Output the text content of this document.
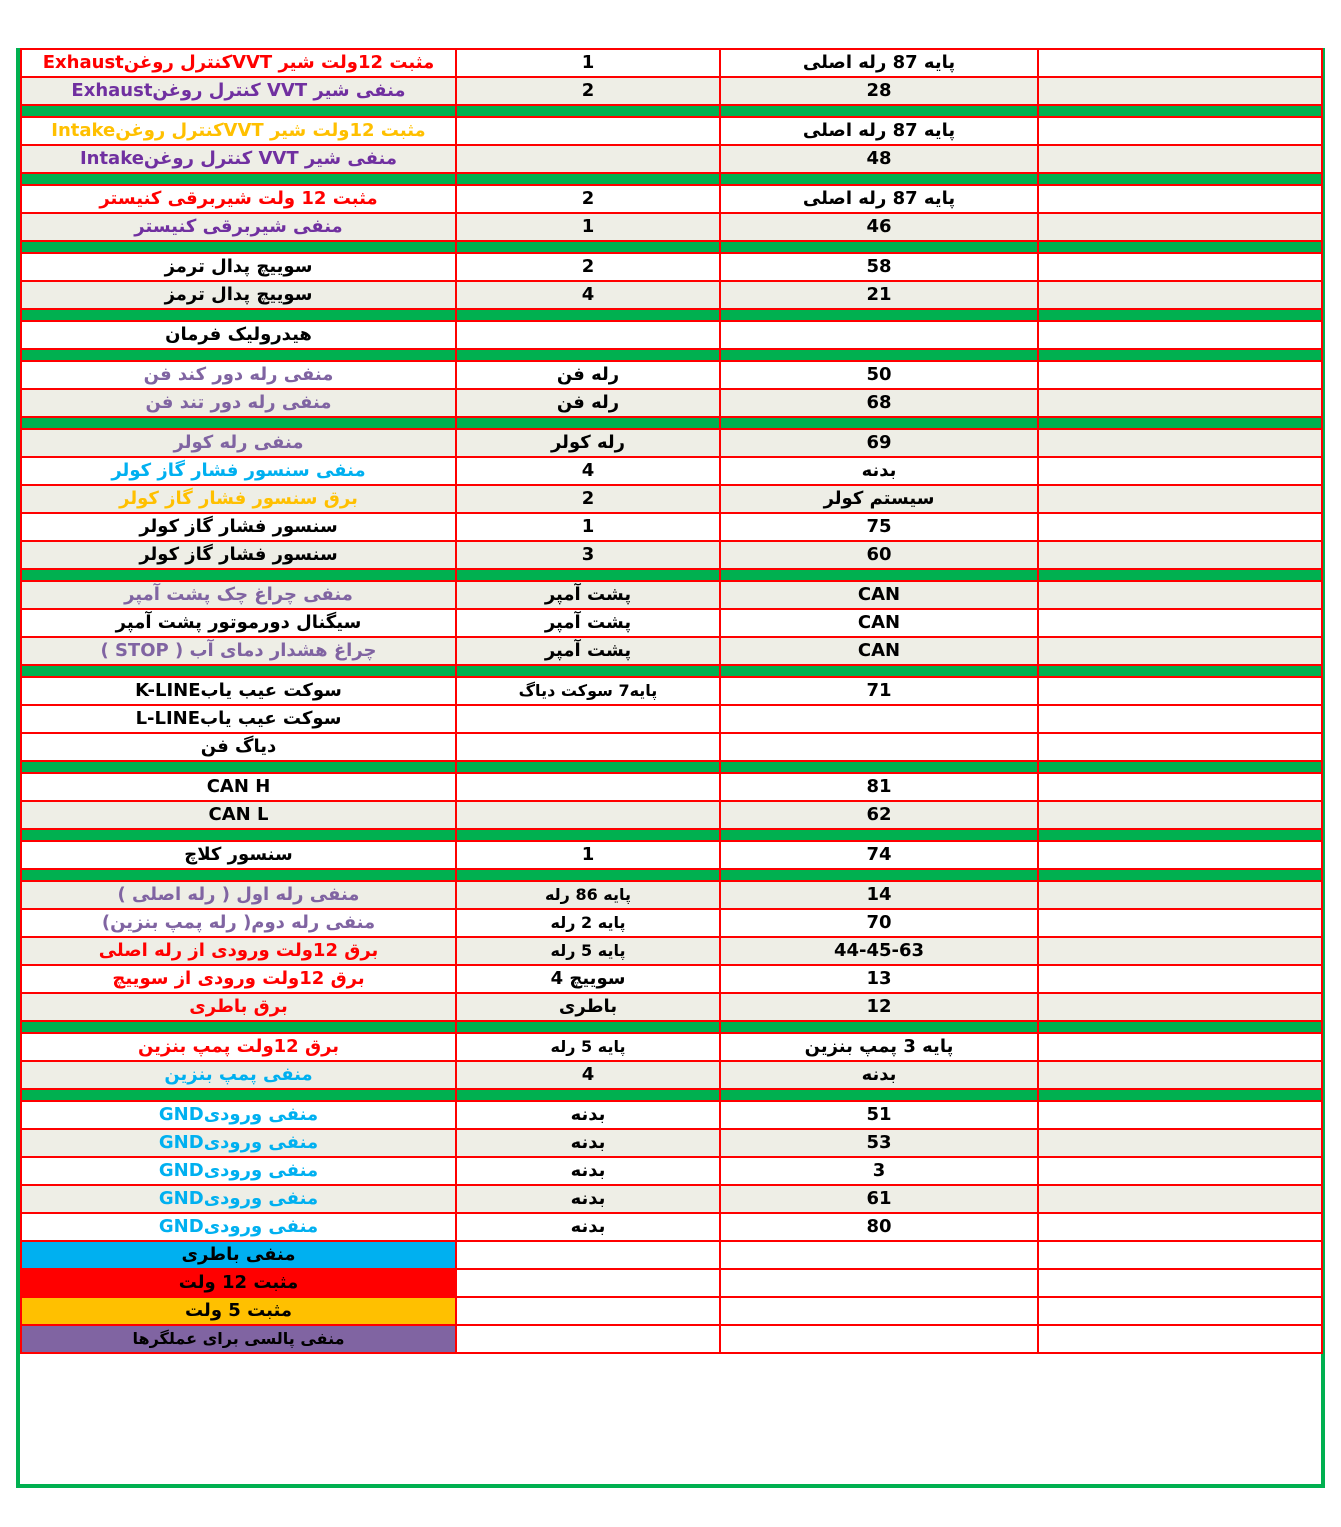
مثبت 12ولت شیر VVTکنترل روغنExhaust	1	پایه 87 رله اصلی	
منفی شیر VVT کنترل روغنExhaust	2	28	

مثبت 12ولت شیر VVTکنترل روغنIntake		پایه 87 رله اصلی	
منفی شیر VVT کنترل روغنIntake		48	

مثبت 12 ولت شیربرقی کنیستر	2	پایه 87 رله اصلی	
منفی شیربرقی کنیستر	1	46	

سوییچ پدال ترمز	2	58	
سوییچ پدال ترمز	4	21	

هیدرولیک فرمان			

منفی رله دور کند فن	رله فن	50	
منفی رله دور تند فن	رله فن	68	

منفی رله کولر	رله کولر	69	
منفی سنسور فشار گاز کولر	4	بدنه	
برق سنسور فشار گاز کولر	2	سیستم کولر	
سنسور فشار گاز کولر	1	75	
سنسور فشار گاز کولر	3	60	

منفی چراغ چک پشت آمپر	پشت آمپر	CAN	
سیگنال دورموتور پشت آمپر	پشت آمپر	CAN	
چراغ هشدار دمای آب ( STOP )	پشت آمپر	CAN	

سوکت عیب یابK-LINE	پایه7 سوکت دیاگ	71	
سوکت عیب یابL-LINE			
دیاگ فن			

CAN H		81	
CAN L		62	

سنسور کلاچ	1	74	

منفی رله اول ( رله اصلی )	پایه 86 رله	14	
منفی رله دوم( رله پمپ بنزین)	پایه 2 رله	70	
برق 12ولت ورودی از رله اصلی	پایه 5 رله	44-45-63	
برق 12ولت ورودی از سوییچ	سوییچ 4	13	
برق باطری	باطری	12	

برق 12ولت پمپ بنزین	پایه 5 رله	پایه 3 پمپ بنزین	
منفی پمپ بنزین	4	بدنه	

منفی ورودیGND	بدنه	51	
منفی ورودیGND	بدنه	53	
منفی ورودیGND	بدنه	3	
منفی ورودیGND	بدنه	61	
منفی ورودیGND	بدنه	80	
منفی باطری			
مثبت 12 ولت			
مثبت 5 ولت			
منفی پالسی برای عملگرها			
